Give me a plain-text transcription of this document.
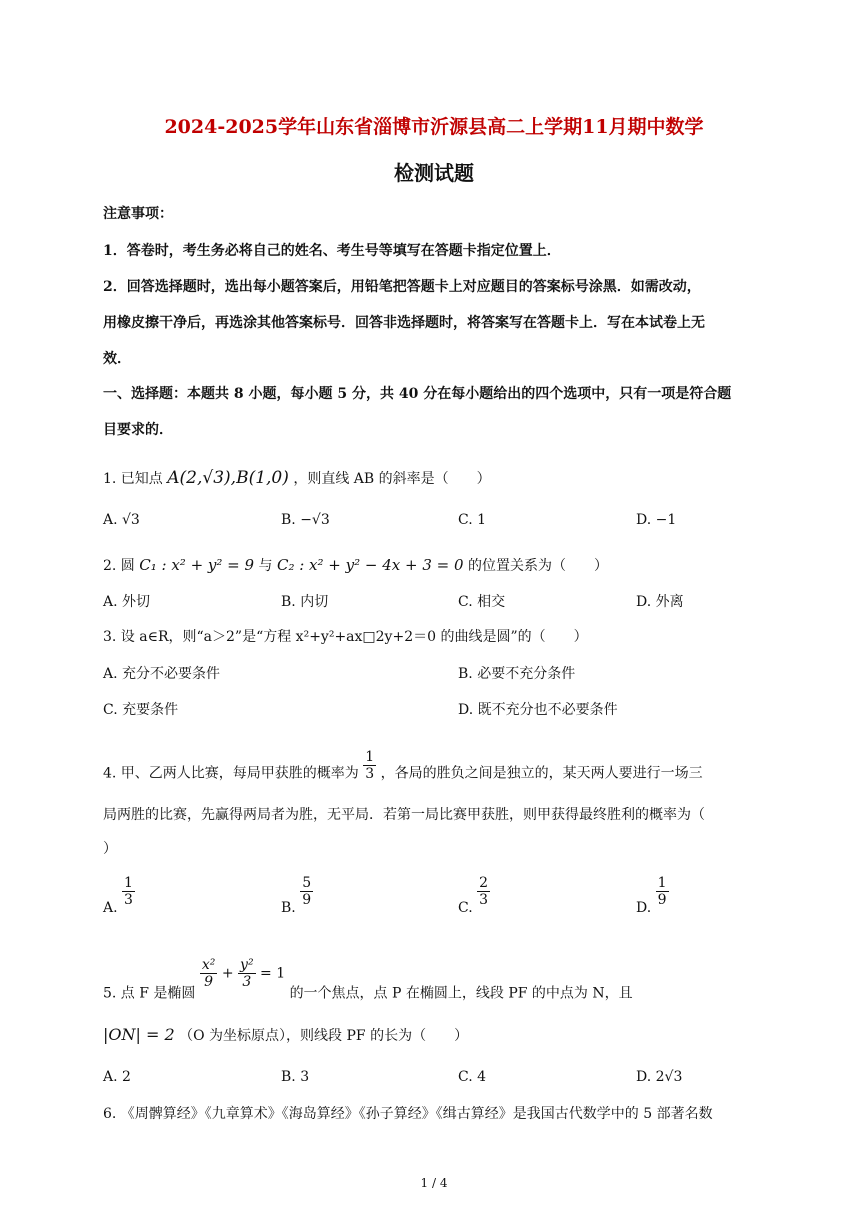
2024-2025学年山东省淄博市沂源县高二上学期11月期中数学
检测试题
注意事项：
1．答卷时，考生务必将自己的姓名、考生号等填写在答题卡指定位置上．
2．回答选择题时，选出每小题答案后，用铅笔把答题卡上对应题目的答案标号涂黑．如需改动，
用橡皮擦干净后，再选涂其他答案标号．回答非选择题时，将答案写在答题卡上．写在本试卷上无
效．
一、选择题：本题共 8 小题，每小题 5 分，共 40 分在每小题给出的四个选项中，只有一项是符合题
目要求的．
1. 已知点 A(2,√3),B(1,0) ，则直线 AB 的斜率是（　　）
A. √3	B. −√3	C. 1	D. −1
2. 圆 C₁ : x² + y² = 9 与 C₂ : x² + y² − 4x + 3 = 0 的位置关系为（　　）
A. 外切	B. 内切	C. 相交	D. 外离
3. 设 a∈R，则“a＞2”是“方程 x²+y²+ax□2y+2＝0 的曲线是圆”的（　　）
A. 充分不必要条件	B. 必要不充分条件
C. 充要条件	D. 既不充分也不必要条件
4. 甲、乙两人比赛，每局甲获胜的概率为 $\frac{1}{3}$ ，各局的胜负之间是独立的，某天两人要进行一场三
局两胜的比赛，先赢得两局者为胜，无平局．若第一局比赛甲获胜，则甲获得最终胜利的概率为（
）
A. $\frac{1}{3}$	B. $\frac{5}{9}$	C. $\frac{2}{3}$	D. $\frac{1}{9}$
5. 点 F 是椭圆
$\frac{\text{x²}}{9} + \frac{\text{y²}}{3} = 1$ 的一个焦点，点 P 在椭圆上，线段 PF 的中点为 N，且
|ON| = 2 （O 为坐标原点），则线段 PF 的长为（　　）
A. 2	B. 3	C. 4	D. 2√3
6. 《周髀算经》《九章算术》《海岛算经》《孙子算经》《缉古算经》是我国古代数学中的 5 部著名数
1 / 4
